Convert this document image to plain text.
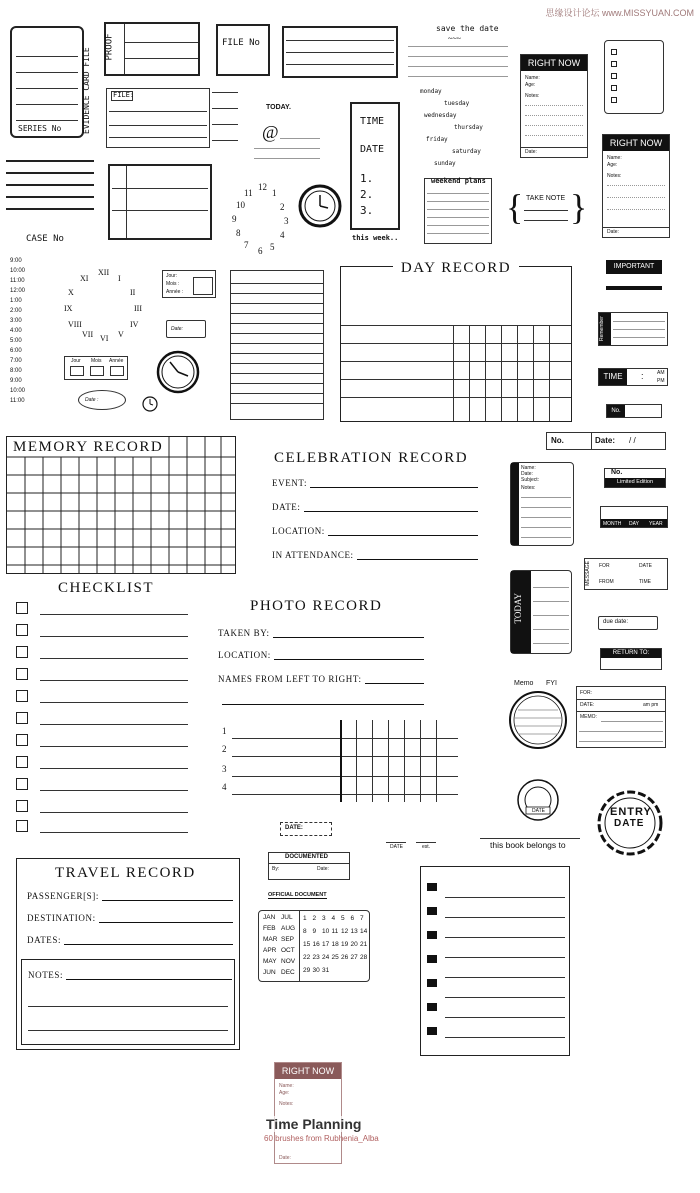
思缘设计论坛 www.MISSYUAN.COM
SERIES No	EVIDENCE CARD FILE
PROOF	FILE No
save the date
~~~
FILE:
CASE No
TODAY.
@
TIME
DATE
1.
2.
3.
this week..
monday
tuesday
wednesday
thursday
friday
saturday
sunday
weekend plans
{ }
TAKE NOTE
RIGHT NOW
Name:
Age:
Notes:
Date:
RIGHT NOW
Name:
Age:
Notes:
Date:
12
1
2
3
4
5
6
7
8
9
10
11
9:00
10:00
11:00
12:00
1:00
2:00
3:00
4:00
5:00
6:00
7:00
8:00
9:00
10:00
11:00
XII
I
II
III
IV
V
VI
VII
VIII
IX
X
XI	Jour:
Mois :
Année :
Date:
Jour Mois Année
Date :
DAY RECORD	IMPORTANT
Remember
TIME	:	AM
PM
No.
No.	Date: / /
MEMORY RECORD
CELEBRATION RECORD
EVENT:
DATE:
LOCATION:
IN ATTENDANCE:
Name:
Date:
Subject:
Notes:
No.
Limited Edition
MONTH DAY YEAR
CHECKLIST
PHOTO RECORD
TAKEN BY:
LOCATION:
NAMES FROM LEFT TO RIGHT:
1
2
3
4
TODAY
MESSAGE	FOR	DATE
FROM	TIME
due date:
RETURN TO:
Memo FYI
FOR:
DATE:	am pm
MEMO:
DATE	ENTRY
DATE
DATE:
DATE	est.	this book belongs to
DOCUMENTED
By:	Date:
OFFICIAL DOCUMENT
JAN JUL
FEB AUG
MAR SEP
APR OCT
MAY NOV
JUN DEC
1 2 3 4 5 6 7
8 9 10 11 12 13 14
15 16 17 18 19 20 21
22 23 24 25 26 27 28
29 30 31
TRAVEL RECORD
PASSENGER[S]:
DESTINATION:
DATES:
NOTES:
RIGHT NOW
Name:
Age:
Notes:
Date:
Time Planning
60 brushes from Rubhenia_Alba
